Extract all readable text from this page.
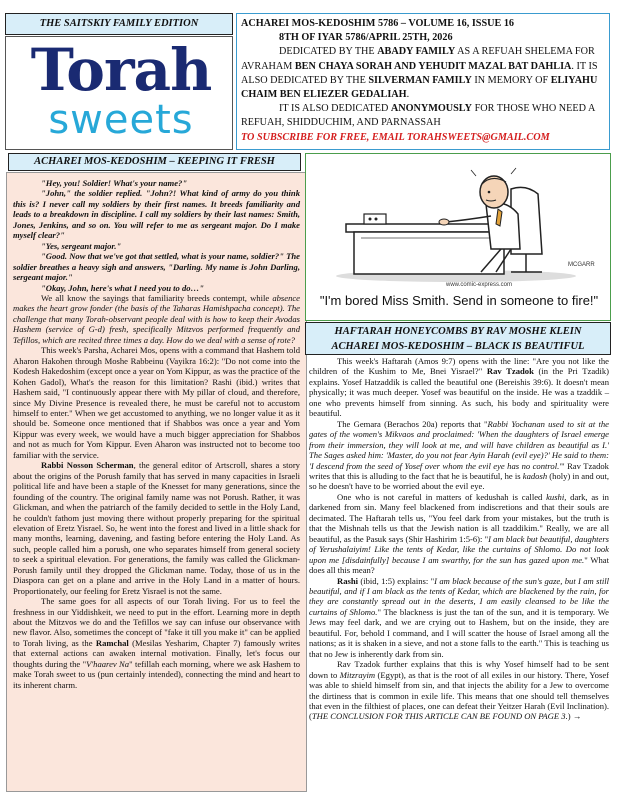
THE SAITSKIY FAMILY EDITION
Torah
sweets
ACHAREI MOS-KEDOSHIM 5786 – VOLUME 16, ISSUE 16
8TH OF IYAR 5786/APRIL 25TH, 2026
DEDICATED BY THE ABADY FAMILY AS A REFUAH SHELEMA FOR AVRAHAM BEN CHAYA SORAH AND YEHUDIT MAZAL BAT DAHLIA. IT IS ALSO DEDICATED BY THE SILVERMAN FAMILY IN MEMORY OF ELIYAHU CHAIM BEN ELIEZER GEDALIAH.
IT IS ALSO DEDICATED ANONYMOUSLY FOR THOSE WHO NEED A REFUAH, SHIDDUCHIM, AND PARNASSAH
TO SUBSCRIBE FOR FREE, EMAIL TORAHSWEETS@GMAIL.COM
ACHAREI MOS-KEDOSHIM – KEEPING IT FRESH

"Hey, you! Soldier! What's your name?"

"John," the soldier replied. "John?! What kind of army do you think this is? I never call my soldiers by their first names. It breeds familiarity and leads to a breakdown in discipline. I call my soldiers by their last names: Smith, Jones, Jenkins, and so on. You will refer to me as sergeant major. Do I make myself clear?"

"Yes, sergeant major."

"Good. Now that we've got that settled, what is your name, soldier?" The soldier breathes a heavy sigh and answers, "Darling. My name is John Darling, sergeant major."

"Okay, John, here's what I need you to do…"

We all know the sayings that familiarity breeds contempt, while absence makes the heart grow fonder (the basis of the Taharas Hamishpacha concept). The challenge that many Torah-observant people deal with is how to keep their Avodas Hashem (service of G-d) fresh, specifically Mitzvos performed frequently and Tefillos, which are recited three times a day. How do we deal with a sense of rote?

This week's Parsha, Acharei Mos, opens with a command that Hashem told Aharon Hakohen through Moshe Rabbeinu (Vayikra 16:2): "Do not come into the Kodesh Hakedoshim (except once a year on Yom Kippur, as was the practice of the Kohen Gadol), What's the reason for this limitation? Rashi (ibid.) writes that Hashem said, "I continuously appear there with My pillar of cloud, and therefore, since My Divine Presence is revealed there, he must be careful not to accustom himself to enter." When we get accustomed to anything, we no longer value it as it should be. Someone once mentioned that if Shabbos was once a year and Yom Kippur was every week, we would have a much bigger appreciation for Shabbos and not as much for Yom Kippur. Even Aharon was instructed not to become too familiar with the service.

Rabbi Nosson Scherman, the general editor of Artscroll, shares a story about the origins of the Porush family that has served in many capacities in Israeli political life and have been a staple of the Knesset for many generations, since the founding of the country. The original family name was not Porush. Rather, it was Glickman, and when the patriarch of the family decided to settle in the Holy Land, he couldn't fathom just moving there without properly preparing for the spiritual elevation of Eretz Yisrael. So, he went into the forest and lived in a little shack for many months, learning, davening, and fasting before entering the Holy Land. As such, people called him a porush, one who separates himself from general society to seek a spiritual elevation. For generations, the family was called the Glickman-Porush family until they dropped the Glickman name. Today, those of us in the Diaspora can get on a plane and arrive in the Holy Land in a matter of hours. Proportionately, our feeling for Eretz Yisrael is not the same.

The same goes for all aspects of our Torah living. For us to feel the freshness in our Yiddishkeit, we need to put in the effort. Learning more in depth about the Mitzvos we do and the Tefillos we say can infuse our observance with new flavor. Also, sometimes the concept of "fake it till you make it" can be applied to Torah living, as the Ramchal (Mesilas Yesharim, Chapter 7) famously writes that external actions can awaken internal motivation. Finally, let's focus our thoughts during the "V'haarev Na" tefillah each morning, where we ask Hashem to make Torah sweet to us (pun certainly intended), connecting the mind and heart to its inherent charm.

MCGARR
www.comic-express.com
"I'm bored Miss Smith. Send in someone to fire!"
HAFTARAH HONEYCOMBS BY RAV MOSHE KLEIN
ACHAREI MOS-KEDOSHIM – BLACK IS BEAUTIFUL

This week's Haftarah (Amos 9:7) opens with the line: "Are you not like the children of the Kushim to Me, Bnei Yisrael?" Rav Tzadok (in the Pri Tzadik) explains. Yosef Hatzaddik is called the beautiful one (Bereishis 39:6). It doesn't mean physically; it was much deeper. Yosef was beautiful on the inside. He was a tzaddik – one who prevents himself from sinning. As such, his body and spirituality were beautiful.

The Gemara (Berachos 20a) reports that "Rabbi Yochanan used to sit at the gates of the women's Mikvaos and proclaimed: 'When the daughters of Israel emerge from their immersion, they will look at me, and will have children as beautiful as I.' The Sages asked him: 'Master, do you not fear Ayin Harah (evil eye)?' He said to them: 'I descend from the seed of Yosef over whom the evil eye has no control.'" Rav Tzadok writes that this is alluding to the fact that he is beautiful, he is kadosh (holy) in and out, so he doesn't have to be worried about the evil eye.

One who is not careful in matters of kedushah is called kushi, dark, as in darkened from sin. Many feel blackened from indiscretions and that their souls are decimated. The Haftarah tells us, "You feel dark from your mistakes, but the truth is that the Mishnah tells us that the Jewish nation is all tzaddikim." Really, we are all beautiful, as the Pasuk says (Shir Hashirim 1:5-6): "I am black but beautiful, daughters of Yerushalaiyim! Like the tents of Kedar, like the curtains of Shlomo. Do not look upon me [disdainfully] because I am swarthy, for the sun has gazed upon me." What does all this mean?

Rashi (ibid, 1:5) explains: "I am black because of the sun's gaze, but I am still beautiful, and if I am black as the tents of Kedar, which are blackened by the rain, for they are constantly spread out in the deserts, I am easily cleansed to be like the curtains of Shlomo." The blackness is just the tan of the sun, and it is temporary. We Jews may feel dark, and we are crying out to Hashem, but on the inside, they are beautiful. For, behold I command, and I will scatter the house of Israel among all the nations; as it is shaken in a sieve, and not a stone falls to the earth." This is teaching us that no Jew is inherently dark from sin.

Rav Tzadok further explains that this is why Yosef himself had to be sent down to Mitzrayim (Egypt), as that is the root of all exiles in our history. There, Yosef was able to shield himself from sin, and that injects the ability for a Jew to overcome the dirtiness that is common in exile life. This means that one should tell themselves that even in the filthiest of places, one can defeat their Yeitzer Harah (Evil Inclination). (THE CONCLUSION FOR THIS ARTICLE CAN BE FOUND ON PAGE 3.) →
